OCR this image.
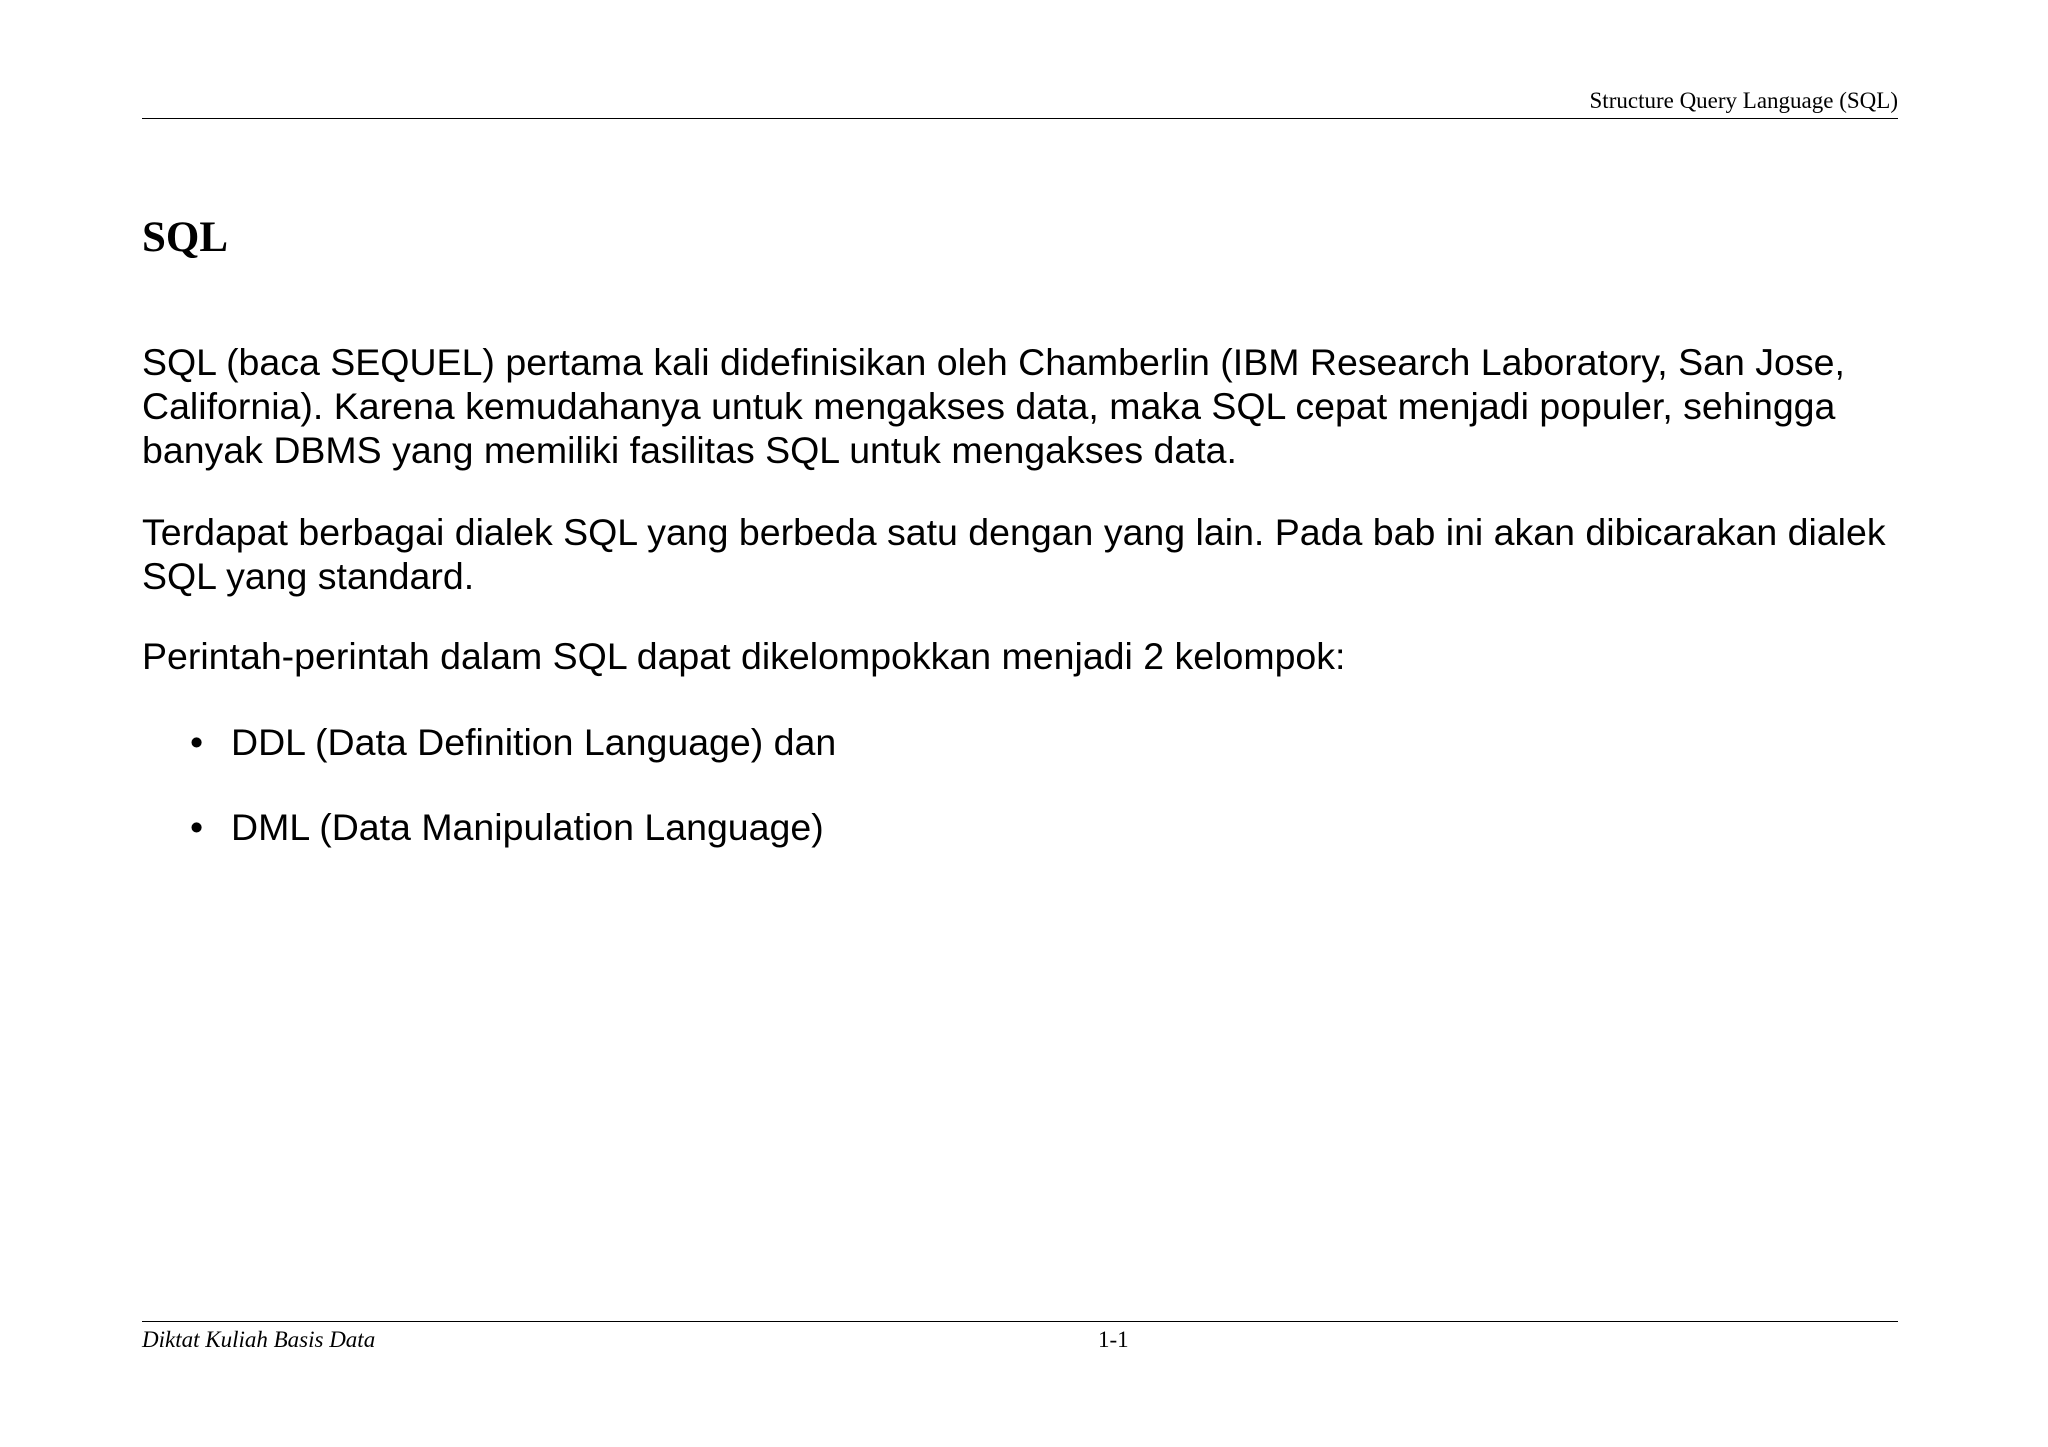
Structure Query Language (SQL)
SQL

SQL (baca SEQUEL) pertama kali didefinisikan oleh Chamberlin (IBM Research Laboratory, San Jose, California). Karena kemudahanya untuk mengakses data, maka SQL cepat menjadi populer, sehingga banyak DBMS yang memiliki fasilitas SQL untuk mengakses data.

Terdapat berbagai dialek SQL yang berbeda satu dengan yang lain. Pada bab ini akan dibicarakan dialek SQL yang standard.

Perintah-perintah dalam SQL dapat dikelompokkan menjadi 2 kelompok:

• DDL (Data Definition Language) dan
• DML (Data Manipulation Language)
Diktat Kuliah Basis Data	1-1
